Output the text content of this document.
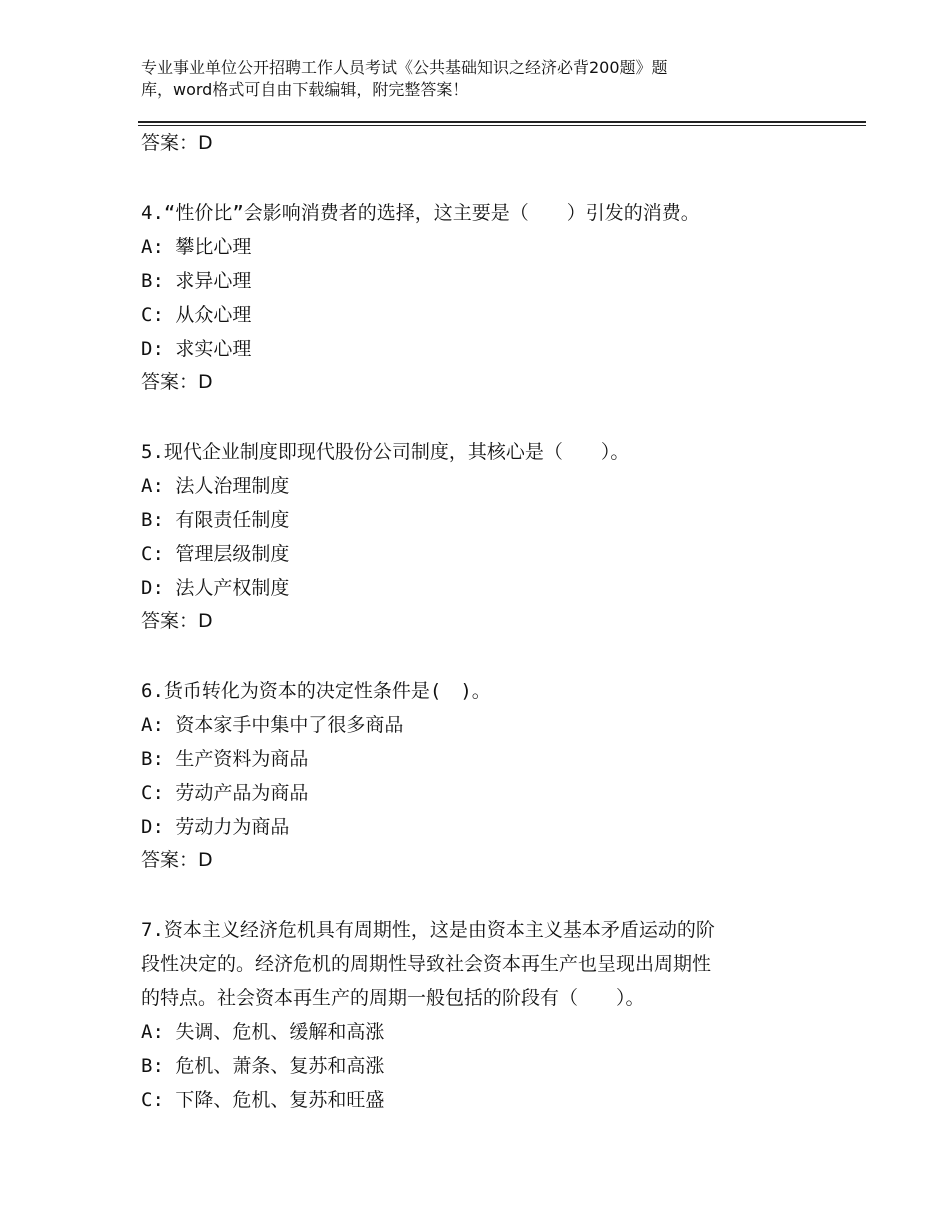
专业事业单位公开招聘工作人员考试《公共基础知识之经济必背200题》题
库，word格式可自由下载编辑，附完整答案！
答案：D
4.“性价比”会影响消费者的选择，这主要是（　　）引发的消费。
A: 攀比心理
B: 求异心理
C: 从众心理
D: 求实心理
答案：D
5.现代企业制度即现代股份公司制度，其核心是（　　）。
A: 法人治理制度
B: 有限责任制度
C: 管理层级制度
D: 法人产权制度
答案：D
6.货币转化为资本的决定性条件是(　)。
A: 资本家手中集中了很多商品
B: 生产资料为商品
C: 劳动产品为商品
D: 劳动力为商品
答案：D
7.资本主义经济危机具有周期性，这是由资本主义基本矛盾运动的阶
段性决定的。经济危机的周期性导致社会资本再生产也呈现出周期性
的特点。社会资本再生产的周期一般包括的阶段有（　　）。
A: 失调、危机、缓解和高涨
B: 危机、萧条、复苏和高涨
C: 下降、危机、复苏和旺盛
